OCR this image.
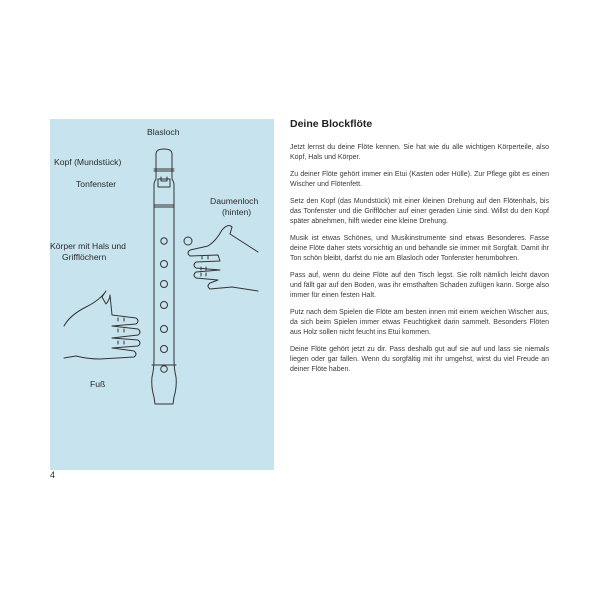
Blasloch
Kopf (Mundstück)
Tonfenster
Daumenloch
(hinten)
Körper mit Hals und
Grifflöchern
Fuß
4
Deine Blockflöte

Jetzt lernst du deine Flöte kennen. Sie hat wie du alle wichtigen Körperteile, also Kopf, Hals und Körper.

Zu deiner Flöte gehört immer ein Etui (Kasten oder Hülle). Zur Pflege gibt es einen Wischer und Flötenfett.

Setz den Kopf (das Mundstück) mit einer kleinen Drehung auf den Flötenhals, bis das Tonfenster und die Grifflöcher auf einer geraden Linie sind. Willst du den Kopf später abnehmen, hilft wieder eine kleine Drehung.

Musik ist etwas Schönes, und Musikinstrumente sind etwas Besonderes. Fasse deine Flöte daher stets vorsichtig an und behandle sie immer mit Sorgfalt. Damit ihr Ton schön bleibt, darfst du nie am Blasloch oder Tonfenster herumbohren.

Pass auf, wenn du deine Flöte auf den Tisch legst. Sie rollt nämlich leicht davon und fällt gar auf den Boden, was ihr ernsthaften Schaden zufügen kann. Sorge also immer für einen festen Halt.

Putz nach dem Spielen die Flöte am besten innen mit einem weichen Wischer aus, da sich beim Spielen immer etwas Feuchtigkeit darin sammelt. Besonders Flöten aus Holz sollen nicht feucht ins Etui kommen.

Deine Flöte gehört jetzt zu dir. Pass deshalb gut auf sie auf und lass sie niemals liegen oder gar fallen. Wenn du sorgfältig mit ihr umgehst, wirst du viel Freude an deiner Flöte haben.
